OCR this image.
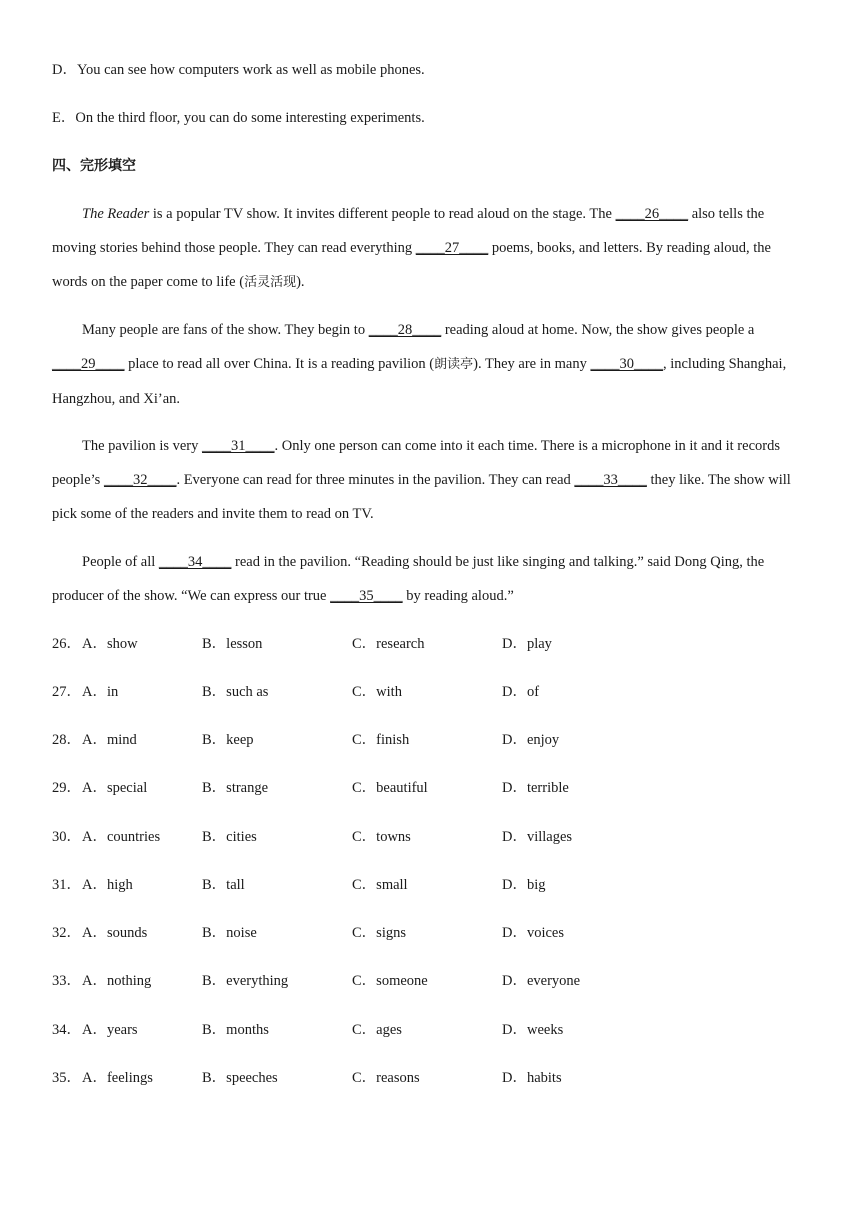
D．You can see how computers work as well as mobile phones.
E．On the third floor, you can do some interesting experiments.
四、完形填空
The Reader is a popular TV show. It invites different people to read aloud on the stage. The ____26____ also tells the moving stories behind those people. They can read everything ____27____ poems, books, and letters. By reading aloud, the words on the paper come to life (活灵活现).
Many people are fans of the show. They begin to ____28____ reading aloud at home. Now, the show gives people a ____29____ place to read all over China. It is a reading pavilion (朗读亭). They are in many ____30____, including Shanghai, Hangzhou, and Xi’an.
The pavilion is very ____31____. Only one person can come into it each time. There is a microphone in it and it records people’s ____32____. Everyone can read for three minutes in the pavilion. They can read ____33____ they like. The show will pick some of the readers and invite them to read on TV.
People of all ____34____ read in the pavilion. “Reading should be just like singing and talking.” said Dong Qing, the producer of the show. “We can express our true ____35____ by reading aloud.”
26． A．show	B．lesson	C．research	D．play
27． A．in	B．such as	C．with	D．of
28． A．mind	B．keep	C．finish	D．enjoy
29． A．special	B．strange	C．beautiful	D．terrible
30． A．countries	B．cities	C．towns	D．villages
31． A．high	B．tall	C．small	D．big
32． A．sounds	B．noise	C．signs	D．voices
33． A．nothing	B．everything	C．someone	D．everyone
34． A．years	B．months	C．ages	D．weeks
35． A．feelings	B．speeches	C．reasons	D．habits
